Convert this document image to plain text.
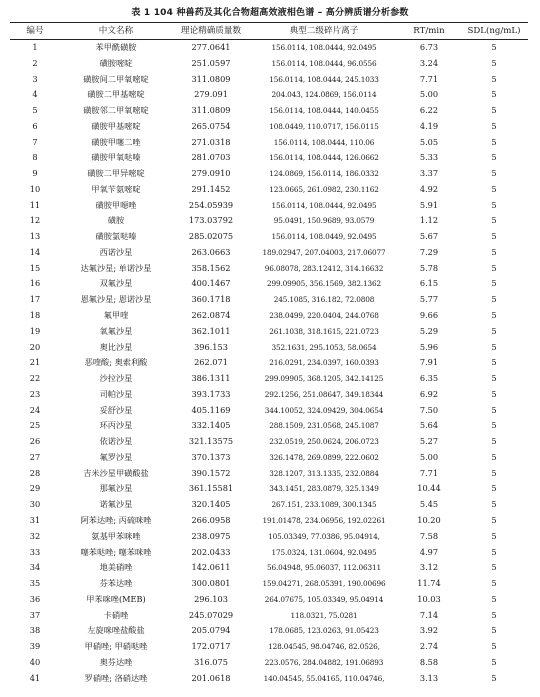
表 1 104 种兽药及其化合物超高效液相色谱 – 高分辨质谱分析参数
编号	中文名称	理论精确质量数	典型二级碎片离子	RT/min	SDL(ng/mL)
1	苯甲酰磺胺	277.0641	156.0114, 108.0444, 92.0495	6.73	5
2	磺胺嘧啶	251.0597	156.0114, 108.0444, 96.0556	3.24	5
3	磺胺间二甲氧嘧啶	311.0809	156.0114, 108.0444, 245.1033	7.71	5
4	磺胺二甲基嘧啶	279.091	204.043, 124.0869, 156.0114	5.00	5
5	磺胺邻二甲氧嘧啶	311.0809	156.0114, 108.0444, 140.0455	6.22	5
6	磺胺甲基嘧啶	265.0754	108.0449, 110.0717, 156.0115	4.19	5
7	磺胺甲噻二唑	271.0318	156.0114, 108.0444, 110.06	5.05	5
8	磺胺甲氧哒嗪	281.0703	156.0114, 108.0444, 126.0662	5.33	5
9	磺胺二甲异嘧啶	279.0910	124.0869, 156.0114, 186.0332	3.37	5
10	甲氧苄氨嘧啶	291.1452	123.0665, 261.0982, 230.1162	4.92	5
11	磺胺甲噁唑	254.05939	156.0114, 108.0444, 92.0495	5.91	5
12	磺胺	173.03792	95.0491, 150.9689, 93.0579	1.12	5
13	磺胺氯哒嗪	285.02075	156.0114, 108.0449, 92.0495	5.67	5
14	西诺沙星	263.0663	189.02947, 207.04003, 217.06077	7.29	5
15	达氟沙星; 单诺沙星	358.1562	96.08078, 283.12412, 314.16632	5.78	5
16	双氟沙星	400.1467	299.09905, 356.1569, 382.1362	6.15	5
17	恩氟沙星; 恩诺沙星	360.1718	245.1085, 316.182, 72.0808	5.77	5
18	氟甲喹	262.0874	238.0499, 220.0404, 244.0768	9.66	5
19	氧氟沙星	362.1011	261.1038, 318.1615, 221.0723	5.29	5
20	奥比沙星	396.153	352.1631, 295.1053, 58.0654	5.96	5
21	恶喹酸; 奥索利酸	262.071	216.0291, 234.0397, 160.0393	7.91	5
22	沙拉沙星	386.1311	299.09905, 368.1205, 342.14125	6.35	5
23	司帕沙星	393.1733	292.1256, 251.08647, 349.18344	6.92	5
24	妥舒沙星	405.1169	344.10052, 324.09429, 304.0654	7.50	5
25	环丙沙星	332.1405	288.1509, 231.0568, 245.1087	5.64	5
26	依诺沙星	321.13575	232.0519, 250.0624, 206.0723	5.27	5
27	氟罗沙星	370.1373	326.1478, 269.0899, 222.0602	5.00	5
28	吉米沙星甲磺酸盐	390.1572	328.1207, 313.1335, 232.0884	7.71	5
29	那氟沙星	361.15581	343.1451, 283.0879, 325.1349	10.44	5
30	诺氟沙星	320.1405	267.151, 233.1089, 300.1345	5.45	5
31	阿苯达唑; 丙硫咪唑	266.0958	191.01478, 234.06956, 192.02261	10.20	5
32	氨基甲苯咪唑	238.0975	105.03349, 77.0386, 95.04914,	7.58	5
33	噻苯哒唑; 噻苯咪唑	202.0433	175.0324, 131.0604, 92.0495	4.97	5
34	地美硝唑	142.0611	56.04948, 95.06037, 112.06311	3.12	5
35	芬苯达唑	300.0801	159.04271, 268.05391, 190.00696	11.74	5
36	甲苯咪唑(MEB)	296.103	264.07675, 105.03349, 95.04914	10.03	5
37	卡硝唑	245.07029	118.0321, 75.0281	7.14	5
38	左旋咪唑盐酸盐	205.0794	178.0685, 123.0263, 91.05423	3.92	5
39	甲硝唑; 甲硝哒唑	172.0717	128.04545, 98.04746, 82.0526,	2.74	5
40	奥芬达唑	316.075	223.0576, 284.04882, 191.06893	8.58	5
41	罗硝唑; 洛硝达唑	201.0618	140.04545, 55.04165, 110.04746,	3.13	5
